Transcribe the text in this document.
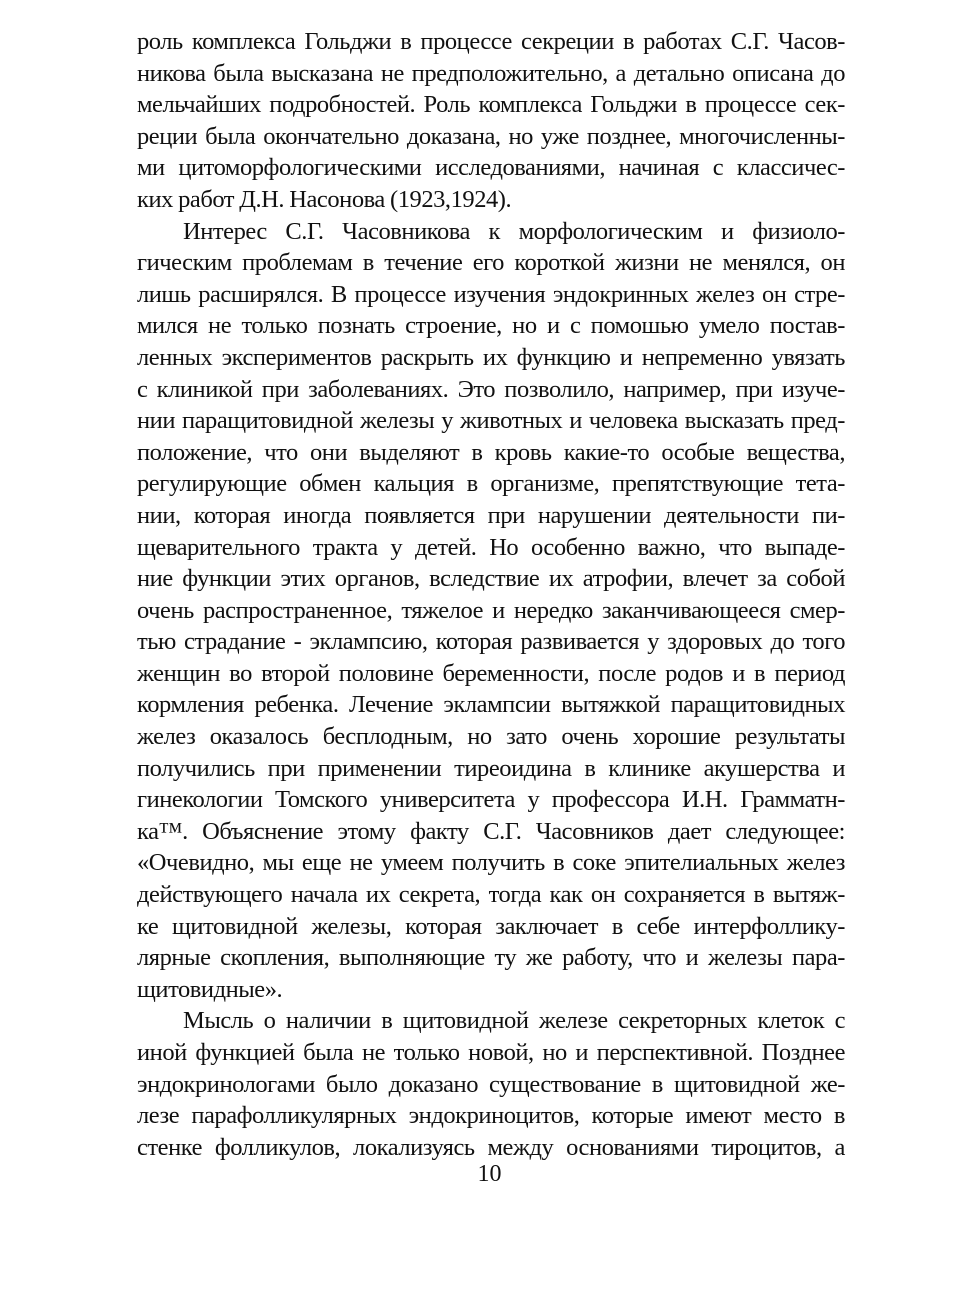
роль комплекса Гольджи в процессе секреции в работах С.Г. Часов-
никова была высказана не предположительно, а детально описана до
мельчайших подробностей. Роль комплекса Гольджи в процессе сек-
реции была окончательно доказана, но уже позднее, многочисленны-
ми цитоморфологическими исследованиями, начиная с классичес-
ких работ Д.Н. Насонова (1923,1924).
Интерес С.Г. Часовникова к морфологическим и физиоло-
гическим проблемам в течение его короткой жизни не менялся, он
лишь расширялся. В процессе изучения эндокринных желез он стре-
мился не только познать строение, но и с помошью умело постав-
ленных экспериментов раскрыть их функцию и непременно увязать
с клиникой при заболеваниях. Это позволило, например, при изуче-
нии паращитовидной железы у животных и человека высказать пред-
положение, что они выделяют в кровь какие-то особые вещества,
регулирующие обмен кальция в организме, препятствующие тета-
нии, которая иногда появляется при нарушении деятельности пи-
щеварительного тракта у детей. Но особенно важно, что выпаде-
ние функции этих органов, вследствие их атрофии, влечет за собой
очень распространенное, тяжелое и нередко заканчивающееся смер-
тью страдание - эклампсию, которая развивается у здоровых до того
женщин во второй половине беременности, после родов и в период
кормления ребенка. Лечение эклампсии вытяжкой паращитовидных
желез оказалось бесплодным, но зато очень хорошие результаты
получились при применении тиреоидина в клинике акушерства и
гинекологии Томского университета у профессора И.Н. Грамматн-
ка™. Объяснение этому факту С.Г. Часовников дает следующее:
«Очевидно, мы еще не умеем получить в соке эпителиальных желез
действующего начала их секрета, тогда как он сохраняется в вытяж-
ке щитовидной железы, которая заключает в себе интерфоллику-
лярные скопления, выполняющие ту же работу, что и железы пара-
щитовидные».
Мысль о наличии в щитовидной железе секреторных клеток с
иной функцией была не только новой, но и перспективной. Позднее
эндокринологами было доказано существование в щитовидной же-
лезе парафолликулярных эндокриноцитов, которые имеют место в
стенке фолликулов, локализуясь между основаниями тироцитов, а
10
